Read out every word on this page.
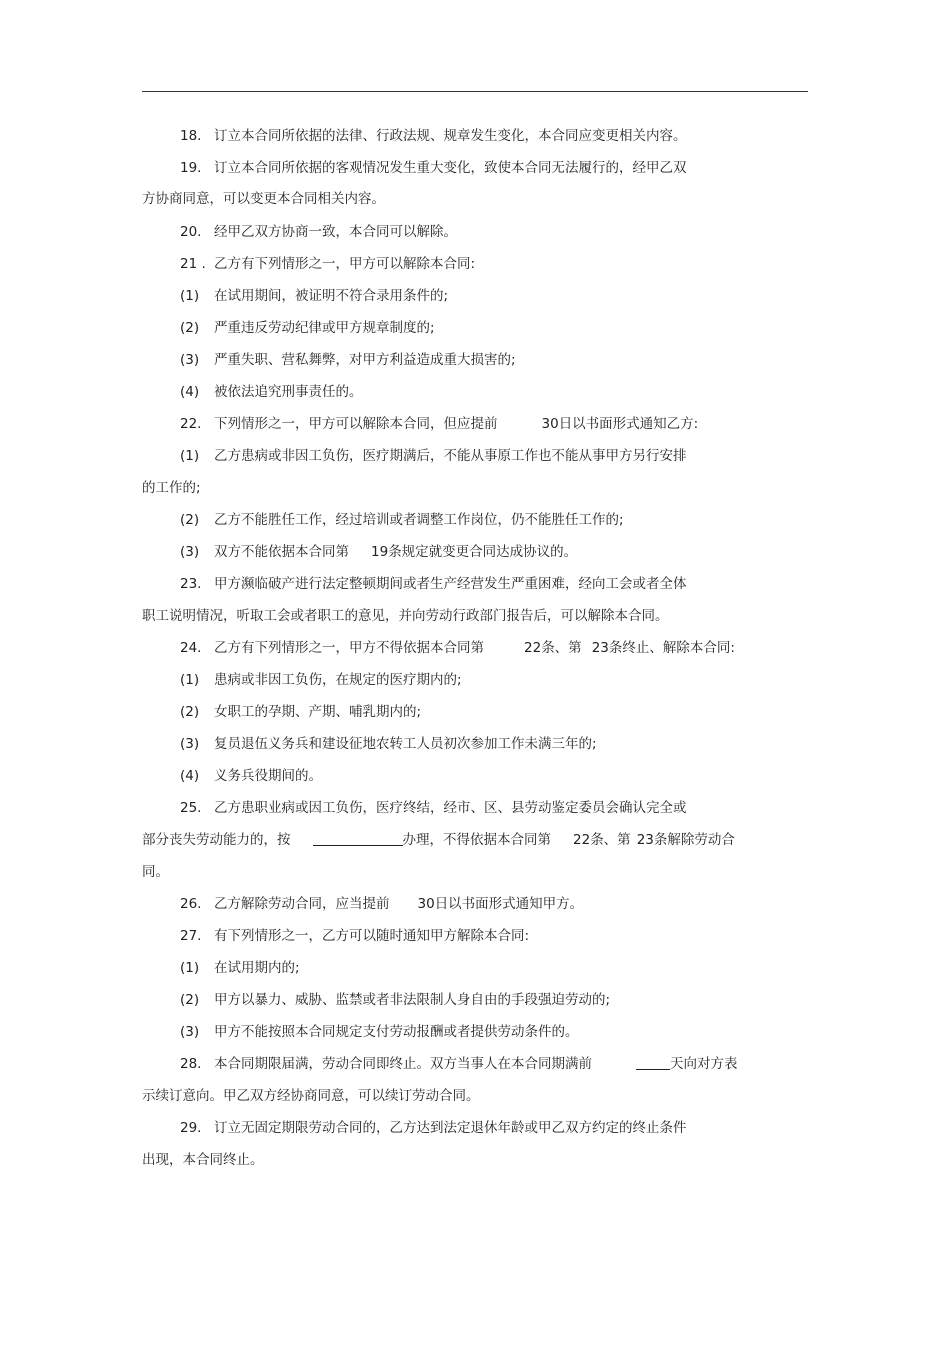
18. 订立本合同所依据的法律、行政法规、规章发生变化，本合同应变更相关内容。
19. 订立本合同所依据的客观情况发生重大变化，致使本合同无法履行的，经甲乙双
方协商同意，可以变更本合同相关内容。
20. 经甲乙双方协商一致，本合同可以解除。
21 . 乙方有下列情形之一，甲方可以解除本合同:
(1) 在试用期间，被证明不符合录用条件的;
(2) 严重违反劳动纪律或甲方规章制度的;
(3) 严重失职、营私舞弊，对甲方利益造成重大损害的;
(4) 被依法追究刑事责任的。
22. 下列情形之一，甲方可以解除本合同，但应提前	30日以书面形式通知乙方:
(1) 乙方患病或非因工负伤，医疗期满后，不能从事原工作也不能从事甲方另行安排
的工作的;
(2) 乙方不能胜任工作，经过培训或者调整工作岗位，仍不能胜任工作的;
(3) 双方不能依据本合同第 19条规定就变更合同达成协议的。
23. 甲方濒临破产进行法定整顿期间或者生产经营发生严重困难，经向工会或者全体
职工说明情况，听取工会或者职工的意见，并向劳动行政部门报告后，可以解除本合同。
24. 乙方有下列情形之一，甲方不得依据本合同第	22条、第 23条终止、解除本合同:
(1) 患病或非因工负伤，在规定的医疗期内的;
(2) 女职工的孕期、产期、哺乳期内的;
(3) 复员退伍义务兵和建设征地农转工人员初次参加工作未满三年的;
(4) 义务兵役期间的。
25. 乙方患职业病或因工负伤，医疗终结，经市、区、县劳动鉴定委员会确认完全或
部分丧失劳动能力的，按	办理，不得依据本合同第 22条、第 23条解除劳动合
同。
26. 乙方解除劳动合同，应当提前 30日以书面形式通知甲方。
27. 有下列情形之一，乙方可以随时通知甲方解除本合同:
(1) 在试用期内的;
(2) 甲方以暴力、威胁、监禁或者非法限制人身自由的手段强迫劳动的;
(3) 甲方不能按照本合同规定支付劳动报酬或者提供劳动条件的。
28. 本合同期限届满，劳动合同即终止。双方当事人在本合同期满前	天向对方表
示续订意向。甲乙双方经协商同意，可以续订劳动合同。
29. 订立无固定期限劳动合同的，乙方达到法定退休年龄或甲乙双方约定的终止条件
出现，本合同终止。
